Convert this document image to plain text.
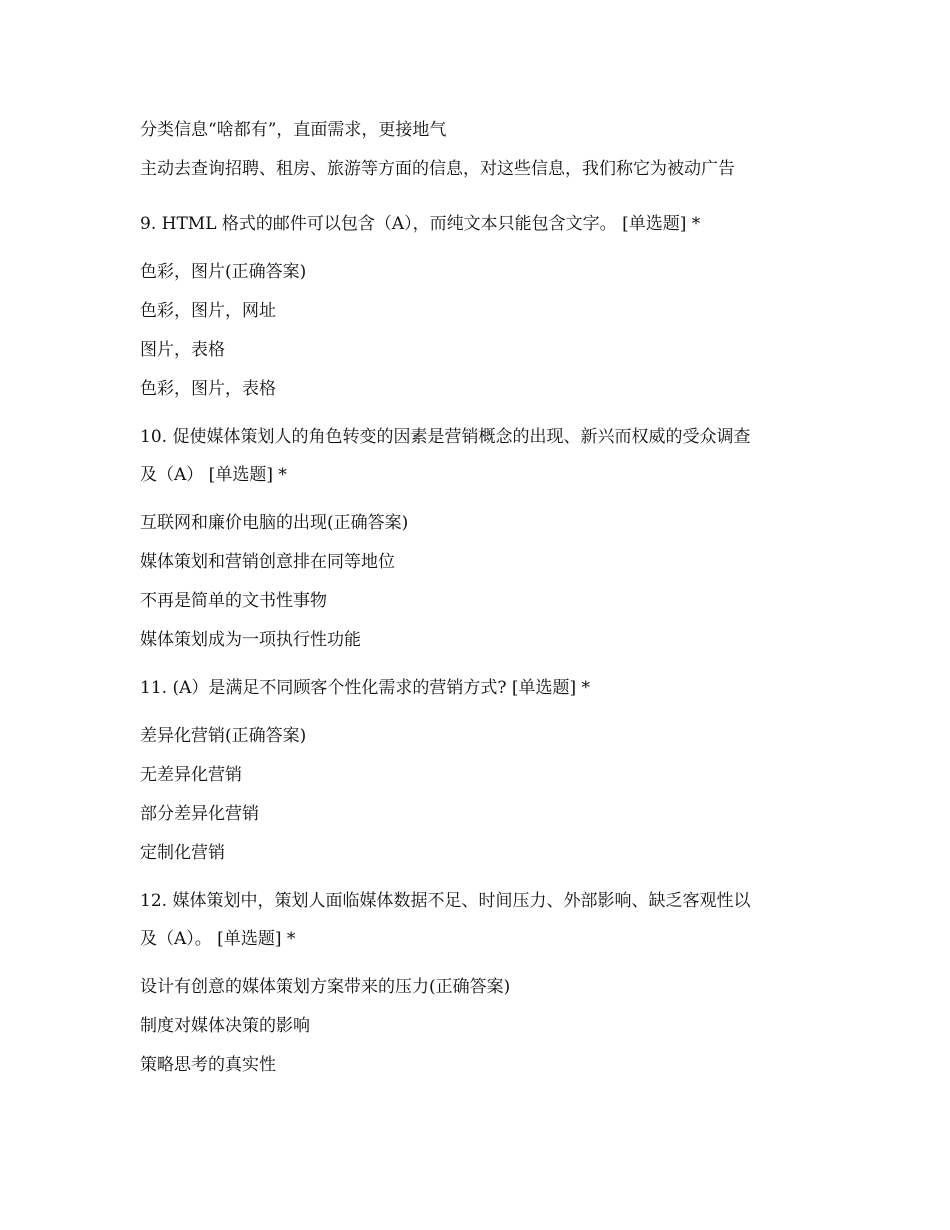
分类信息“啥都有”，直面需求，更接地气
主动去查询招聘、租房、旅游等方面的信息，对这些信息，我们称它为被动广告
9. HTML 格式的邮件可以包含（A），而纯文本只能包含文字。 [单选题] *
色彩，图片(正确答案)
色彩，图片，网址
图片，表格
色彩，图片，表格
10. 促使媒体策划人的角色转变的因素是营销概念的出现、新兴而权威的受众调查
及（A） [单选题] *
互联网和廉价电脑的出现(正确答案)
媒体策划和营销创意排在同等地位
不再是简单的文书性事物
媒体策划成为一项执行性功能
11. (A）是满足不同顾客个性化需求的营销方式? [单选题] *
差异化营销(正确答案)
无差异化营销
部分差异化营销
定制化营销
12. 媒体策划中，策划人面临媒体数据不足、时间压力、外部影响、缺乏客观性以
及（A）。 [单选题] *
设计有创意的媒体策划方案带来的压力(正确答案)
制度对媒体决策的影响
策略思考的真实性
